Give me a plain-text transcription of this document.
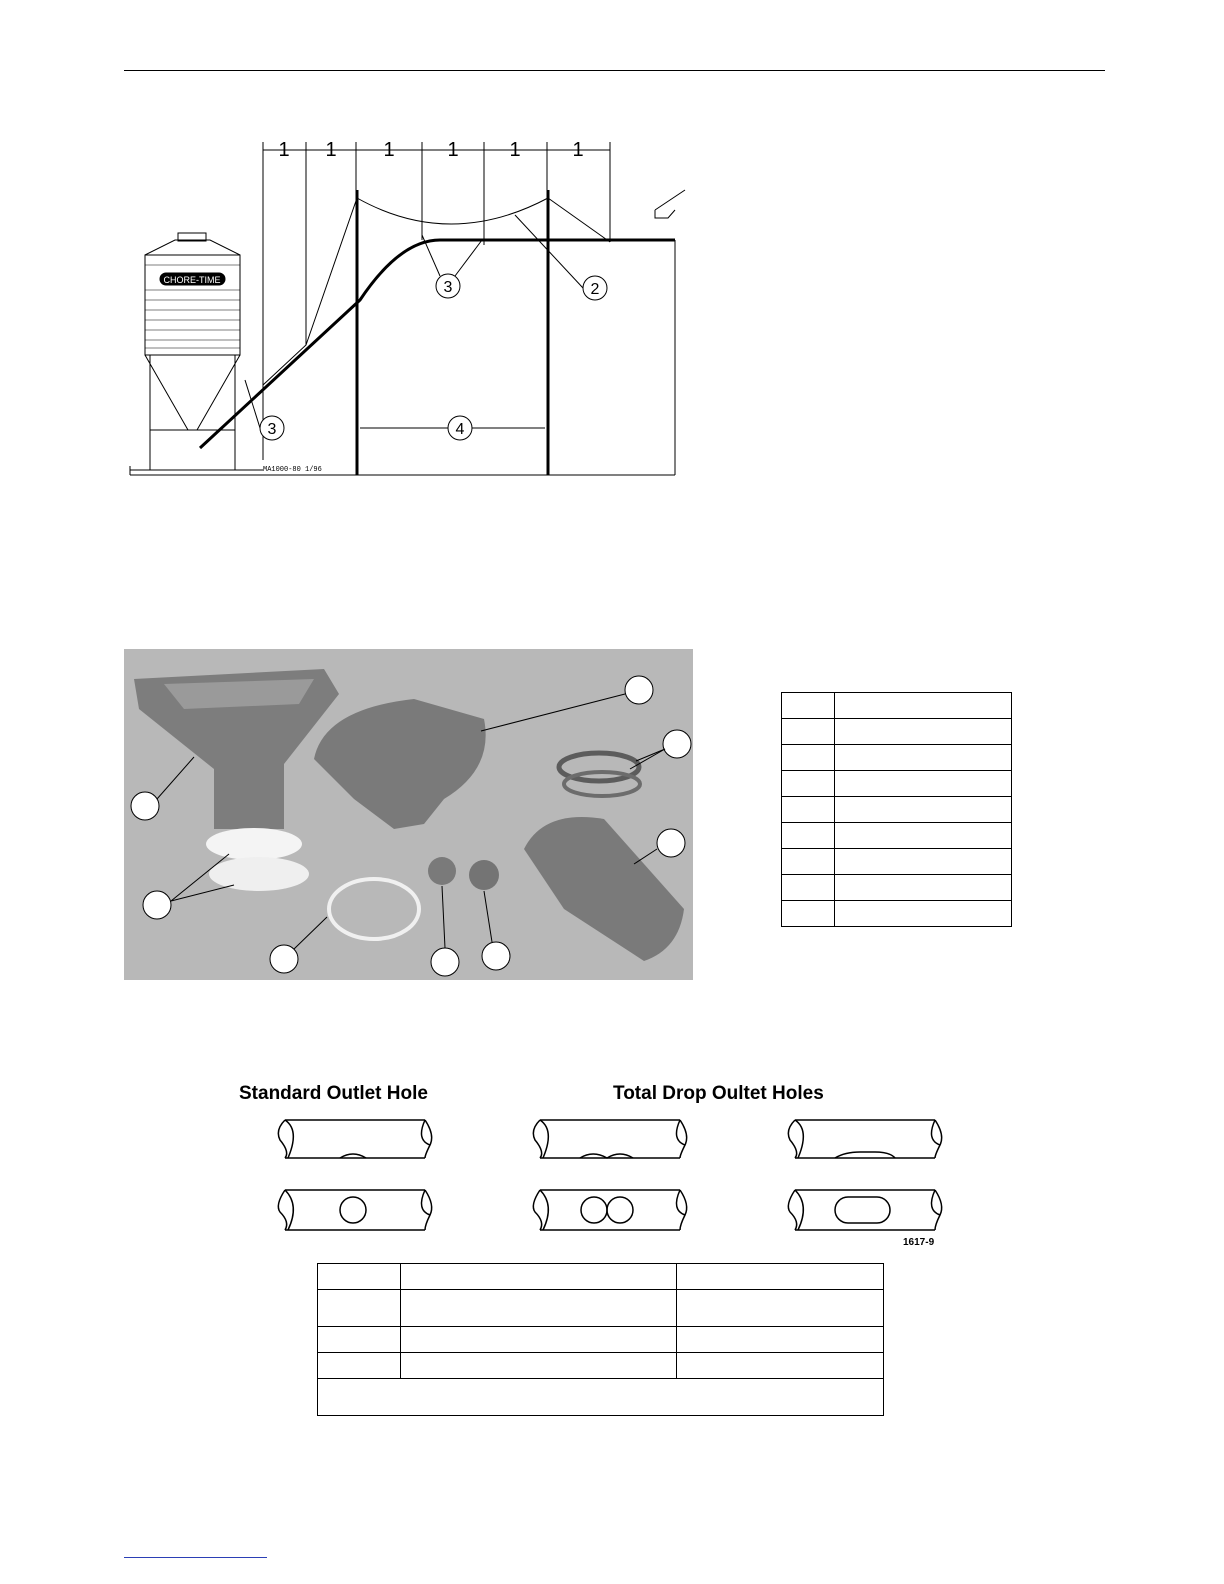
CHORE-TIME
1 1 1	1	1	1
3	2
3	4
MA1000-80 1/96

Standard Outlet Hole	Total Drop Oultet Holes
1617-9
